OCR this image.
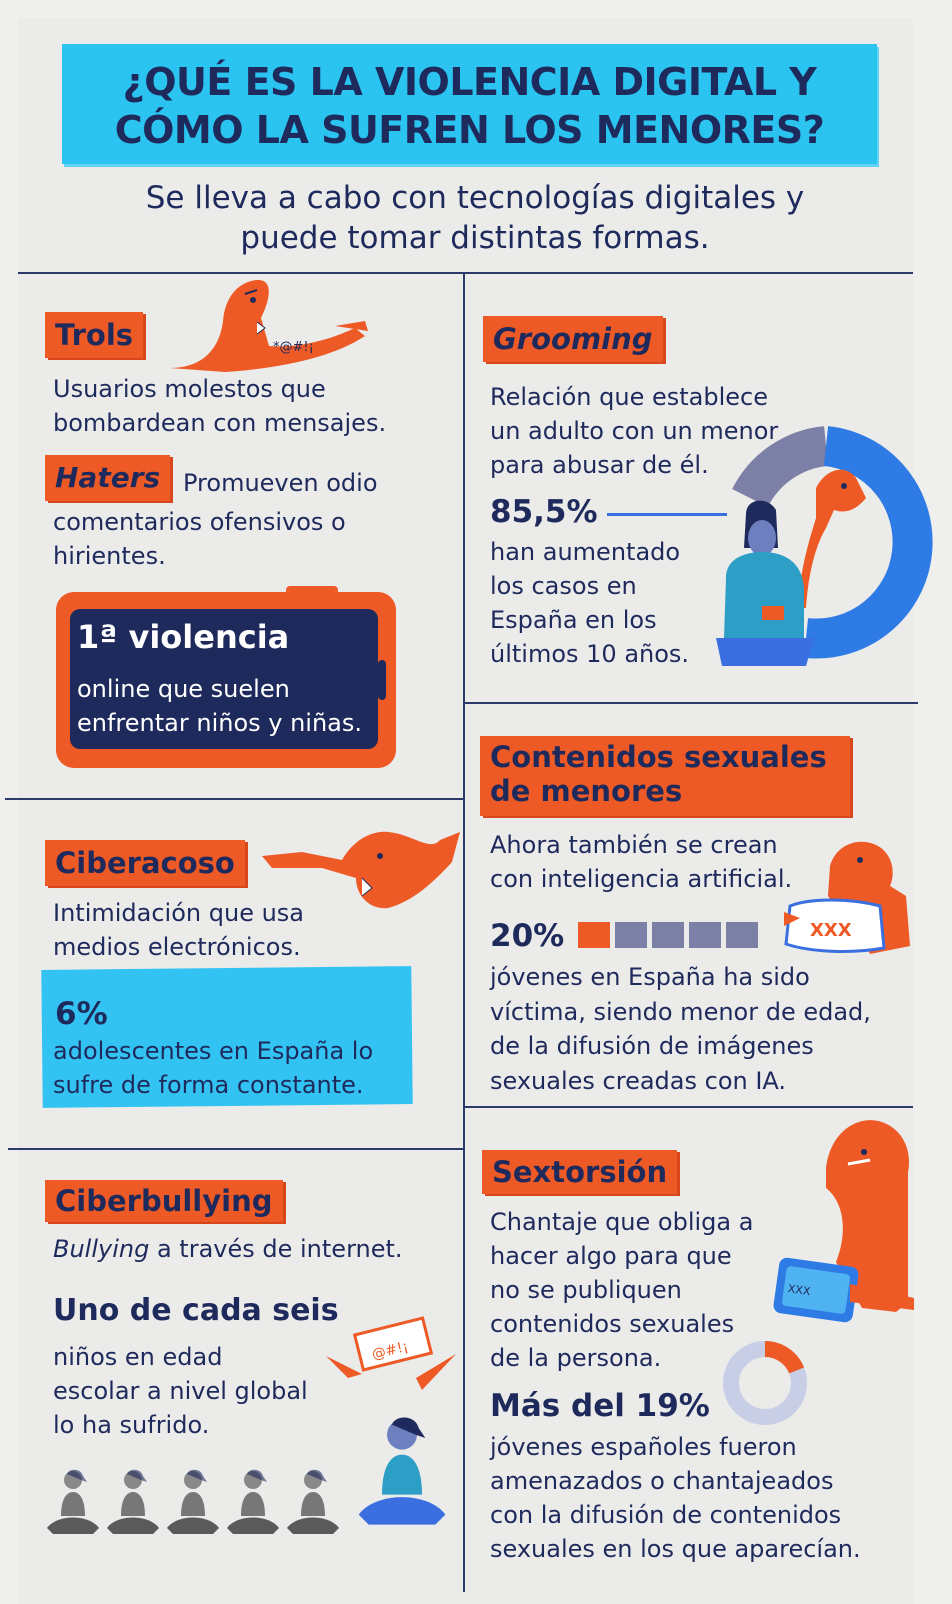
¿QUÉ ES LA VIOLENCIA DIGITAL Y
CÓMO LA SUFREN LOS MENORES?
Se lleva a cabo con tecnologías digitales y
puede tomar distintas formas.
Trols	*@#!¡
Usuarios molestos que
bombardean con mensajes.
Haters Promueven odio
comentarios ofensivos o
hirientes.
1ª violencia
online que suelen
enfrentar niños y niñas.
Grooming
Relación que establece
un adulto con un menor
para abusar de él.
85,5%
han aumentado
los casos en
España en los
últimos 10 años.
Ciberacoso
Intimidación que usa
medios electrónicos.
6%
adolescentes en España lo
sufre de forma constante.
Contenidos sexuales
de menores
Ahora también se crean
con inteligencia artificial.
20%
jóvenes en España ha sido
víctima, siendo menor de edad,
de la difusión de imágenes
sexuales creadas con IA.
XXX
Ciberbullying
Bullying a través de internet.
Uno de cada seis
niños en edad
escolar a nivel global
lo ha sufrido.
@#!¡
Sextorsión
Chantaje que obliga a
hacer algo para que
no se publiquen
contenidos sexuales
de la persona.
XXX
Más del 19%
jóvenes españoles fueron
amenazados o chantajeados
con la difusión de contenidos
sexuales en los que aparecían.
